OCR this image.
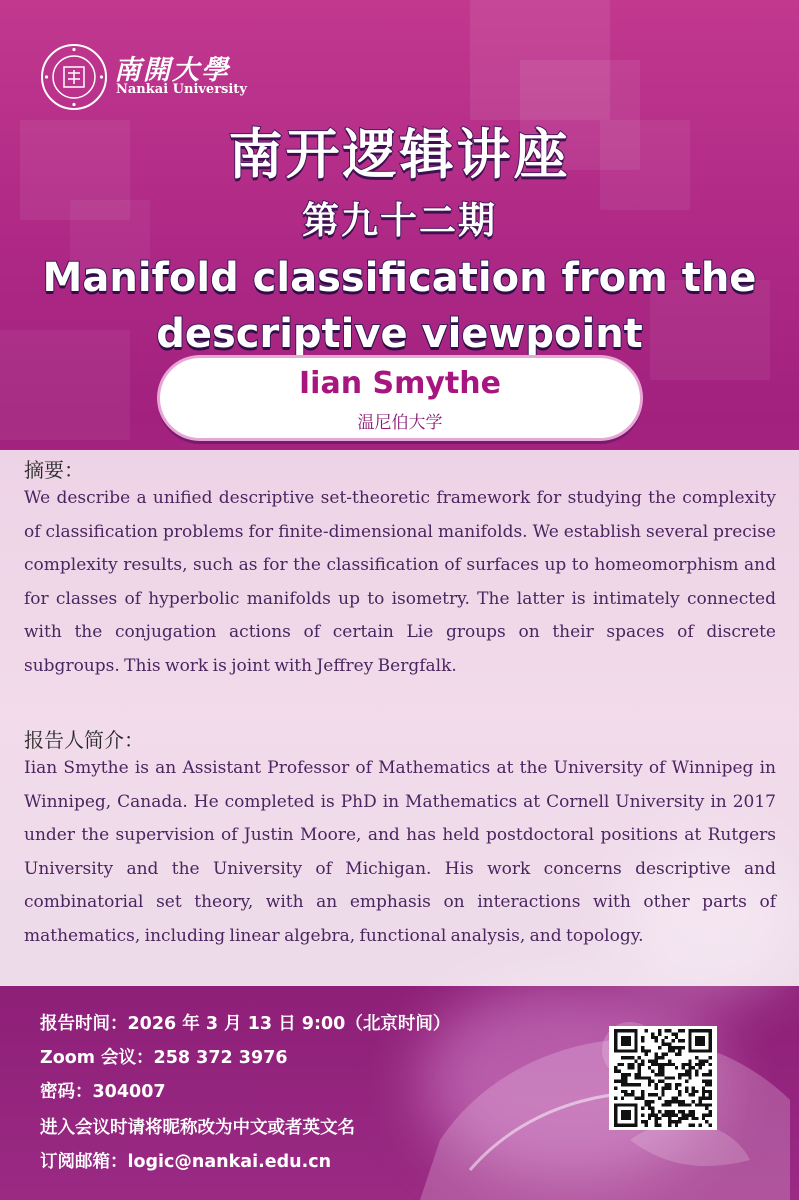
南開大學
Nankai University
南开逻辑讲座
第九十二期
Manifold classification from the descriptive viewpoint
Iian Smythe
温尼伯大学
摘要：
We describe a unified descriptive set-theoretic framework for studying the complexity of classification problems for finite-dimensional manifolds. We establish several precise complexity results, such as for the classification of surfaces up to homeomorphism and for classes of hyperbolic manifolds up to isometry. The latter is intimately connected with the conjugation actions of certain Lie groups on their spaces of discrete subgroups. This work is joint with Jeffrey Bergfalk.
报告人简介：
Iian Smythe is an Assistant Professor of Mathematics at the University of Winnipeg in Winnipeg, Canada. He completed is PhD in Mathematics at Cornell University in 2017 under the supervision of Justin Moore, and has held postdoctoral positions at Rutgers University and the University of Michigan. His work concerns descriptive and combinatorial set theory, with an emphasis on interactions with other parts of mathematics, including linear algebra, functional analysis, and topology.
报告时间：2026 年 3 月 13 日 9:00（北京时间）
Zoom 会议：258 372 3976
密码：304007
进入会议时请将昵称改为中文或者英文名
订阅邮箱：logic@nankai.edu.cn
